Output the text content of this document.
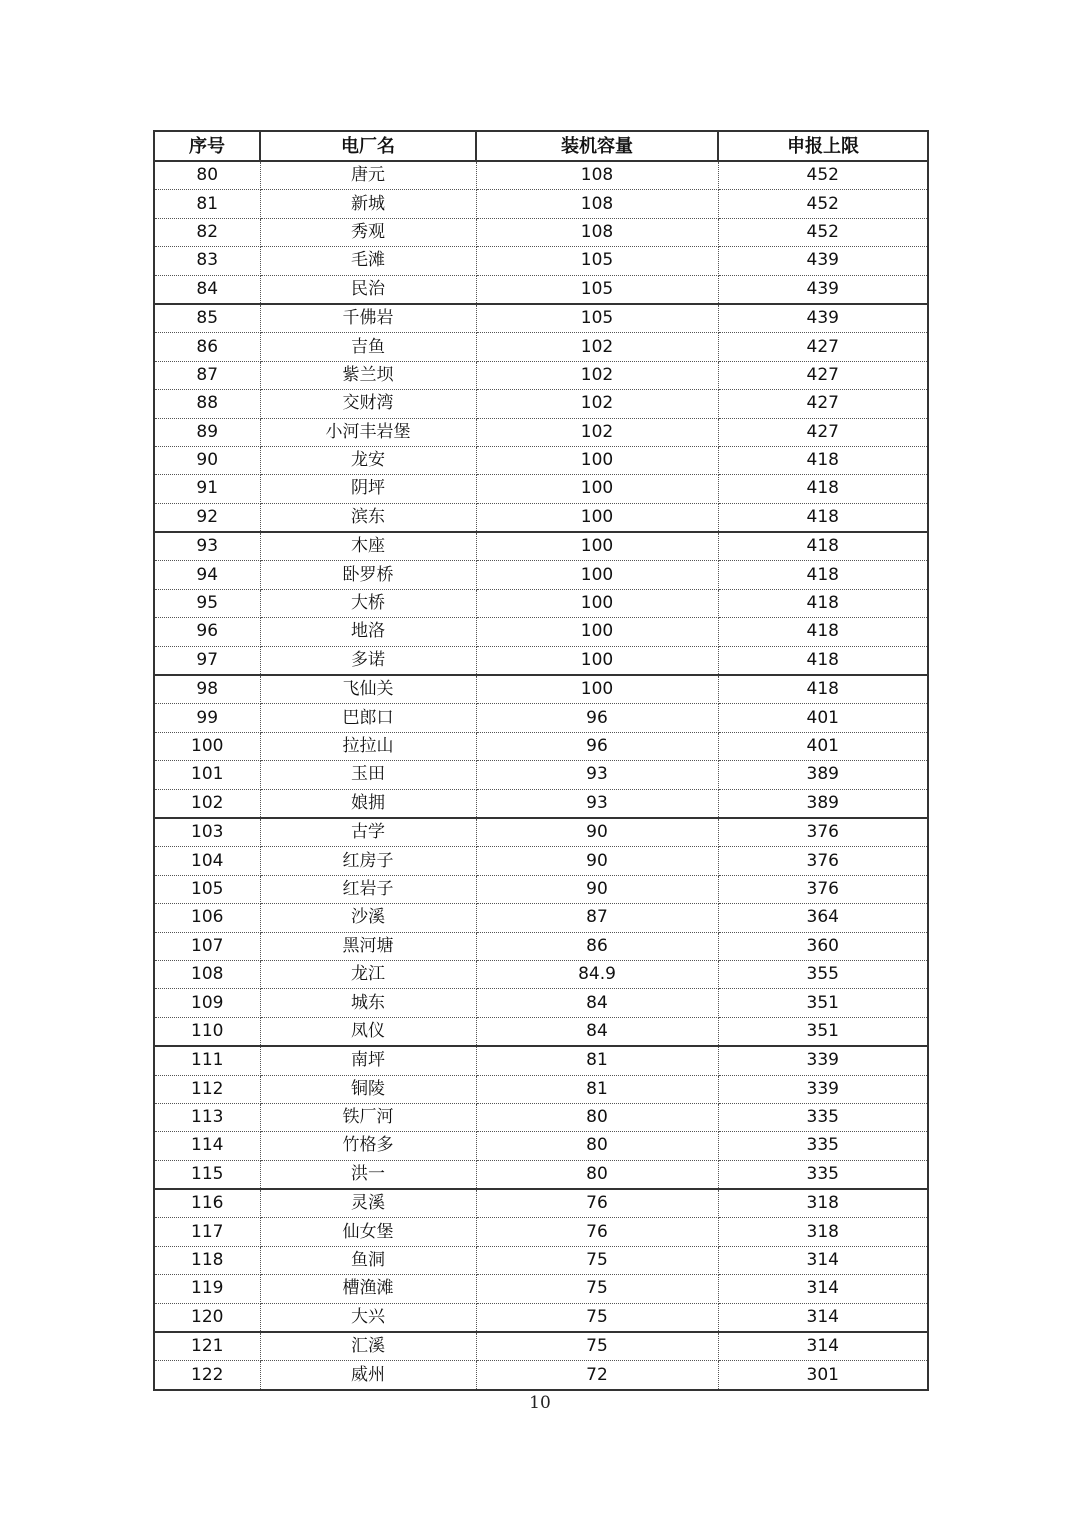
序号	电厂名	装机容量	申报上限
80	唐元	108	452
81	新城	108	452
82	秀观	108	452
83	毛滩	105	439
84	民治	105	439
85	千佛岩	105	439
86	吉鱼	102	427
87	紫兰坝	102	427
88	交财湾	102	427
89	小河丰岩堡	102	427
90	龙安	100	418
91	阴坪	100	418
92	滨东	100	418
93	木座	100	418
94	卧罗桥	100	418
95	大桥	100	418
96	地洛	100	418
97	多诺	100	418
98	飞仙关	100	418
99	巴郎口	96	401
100	拉拉山	96	401
101	玉田	93	389
102	娘拥	93	389
103	古学	90	376
104	红房子	90	376
105	红岩子	90	376
106	沙溪	87	364
107	黑河塘	86	360
108	龙江	84.9	355
109	城东	84	351
110	凤仪	84	351
111	南坪	81	339
112	铜陵	81	339
113	铁厂河	80	335
114	竹格多	80	335
115	洪一	80	335
116	灵溪	76	318
117	仙女堡	76	318
118	鱼洞	75	314
119	槽渔滩	75	314
120	大兴	75	314
121	汇溪	75	314
122	威州	72	301
10
